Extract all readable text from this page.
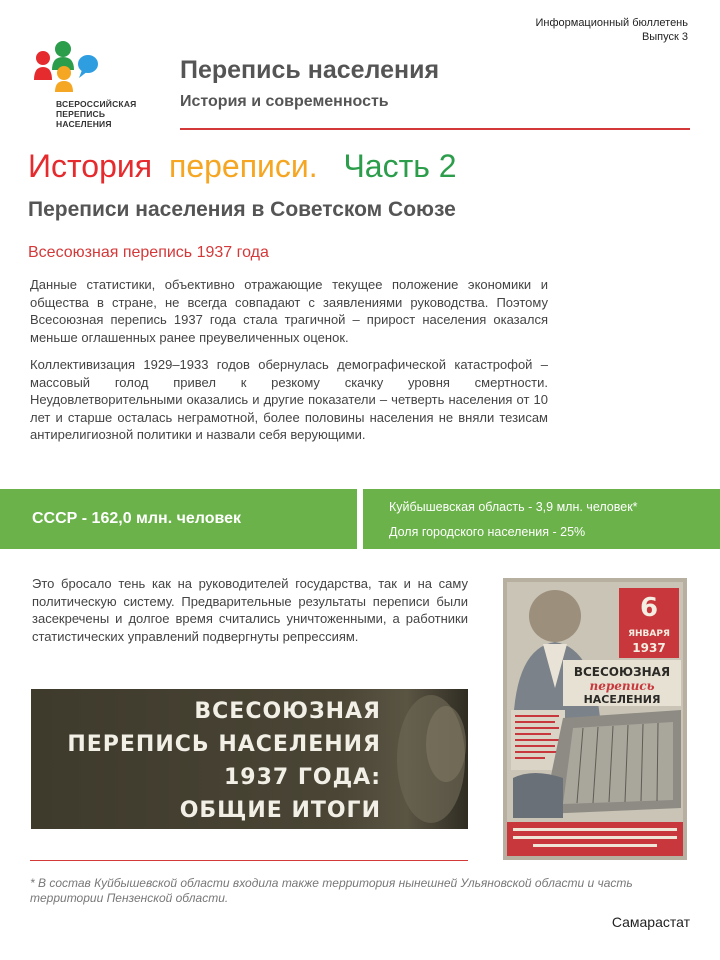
Информационный бюллетень
Выпуск 3
ВСЕРОССИЙСКАЯ
ПЕРЕПИСЬ
НАСЕЛЕНИЯ
Перепись населения
История и современность
История переписи. Часть 2
Переписи населения в Советском Союзе
Всесоюзная перепись 1937 года
Данные статистики, объективно отражающие текущее положение экономики и общества в стране, не всегда совпадают с заявлениями руководства. Поэтому Всесоюзная перепись 1937 года стала трагичной – прирост населения оказался меньше оглашенных ранее преувеличенных оценок.
Коллективизация 1929–1933 годов обернулась демографической катастрофой – массовый голод привел к резкому скачку уровня смертности. Неудовлетворительными оказались и другие показатели – четверть населения от 10 лет и старше осталась неграмотной, более половины населения не вняли тезисам антирелигиозной политики и назвали себя верующими.
СССР - 162,0 млн. человек
Куйбышевская область - 3,9 млн. человек*
Доля городского населения - 25%
Это бросало тень как на руководителей государства, так и на саму политическую систему. Предварительные результаты переписи были засекречены и долгое время считались уничтоженными, а работники статистических управлений подвергнуты репрессиям.
ВСЕСОЮЗНАЯ
ПЕРЕПИСЬ НАСЕЛЕНИЯ
1937 ГОДА:
ОБЩИЕ ИТОГИ
6
ЯНВАРЯ
1937
ВСЕСОЮЗНАЯ
перепись
НАСЕЛЕНИЯ
* В состав Куйбышевской области входила также территория нынешней Ульяновской области и часть территории Пензенской области.
Самарастат
